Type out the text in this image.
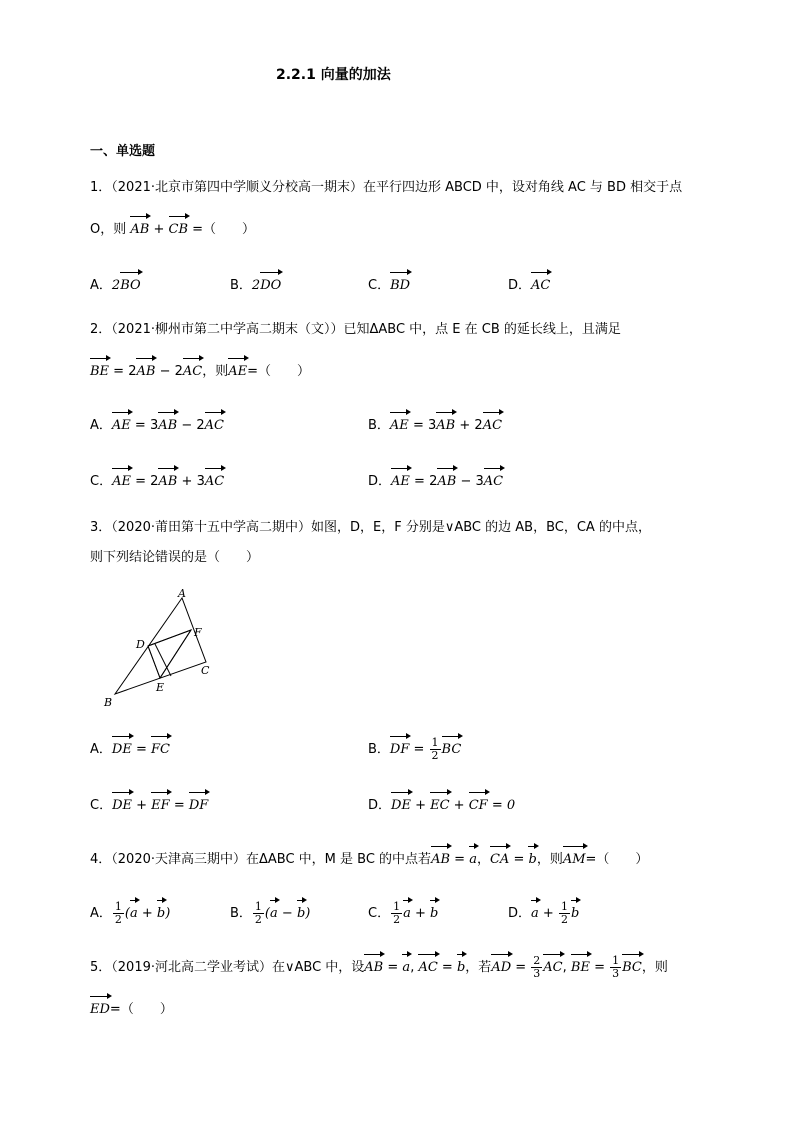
2.2.1 向量的加法
一、单选题
1．（2021·北京市第四中学顺义分校高一期末）在平行四边形 ABCD 中，设对角线 AC 与 BD 相交于点
O，则 AB + CB =（　　）
A．2BO	B．2DO	C．BD	D．AC
2．（2021·柳州市第二中学高二期末（文））已知ΔABC 中，点 E 在 CB 的延长线上，且满足
BE = 2AB − 2AC，则AE=（　　）
A．AE = 3AB − 2AC	B．AE = 3AB + 2AC
C．AE = 2AB + 3AC	D．AE = 2AB − 3AC
3．（2020·莆田第十五中学高二期中）如图，D，E，F 分别是∨ABC 的边 AB，BC，CA 的中点，
则下列结论错误的是（　　）
A
B
C
D
E
F
A．DE = FC	B．DF = $\frac{1}{2}$ BC
C．DE + EF = DF	D．DE + EC + CF = 0
4．（2020·天津高三期中）在ΔABC 中，M 是 BC 的中点若AB = a，CA = b，则AM=（　　）
A． $\frac{1}{2} (a + b)$	B． $\frac{1}{2} (a - b)$	C． $\frac{1}{2}$ a + b	D．$a + \frac{1}{2}$ b
5．（2019·河北高二学业考试）在∨ABC 中，设AB = a, AC = b，若AD = $\frac{2}{3}$ AC, BE = $\frac{1}{3}$ BC，则
ED=（　　）
